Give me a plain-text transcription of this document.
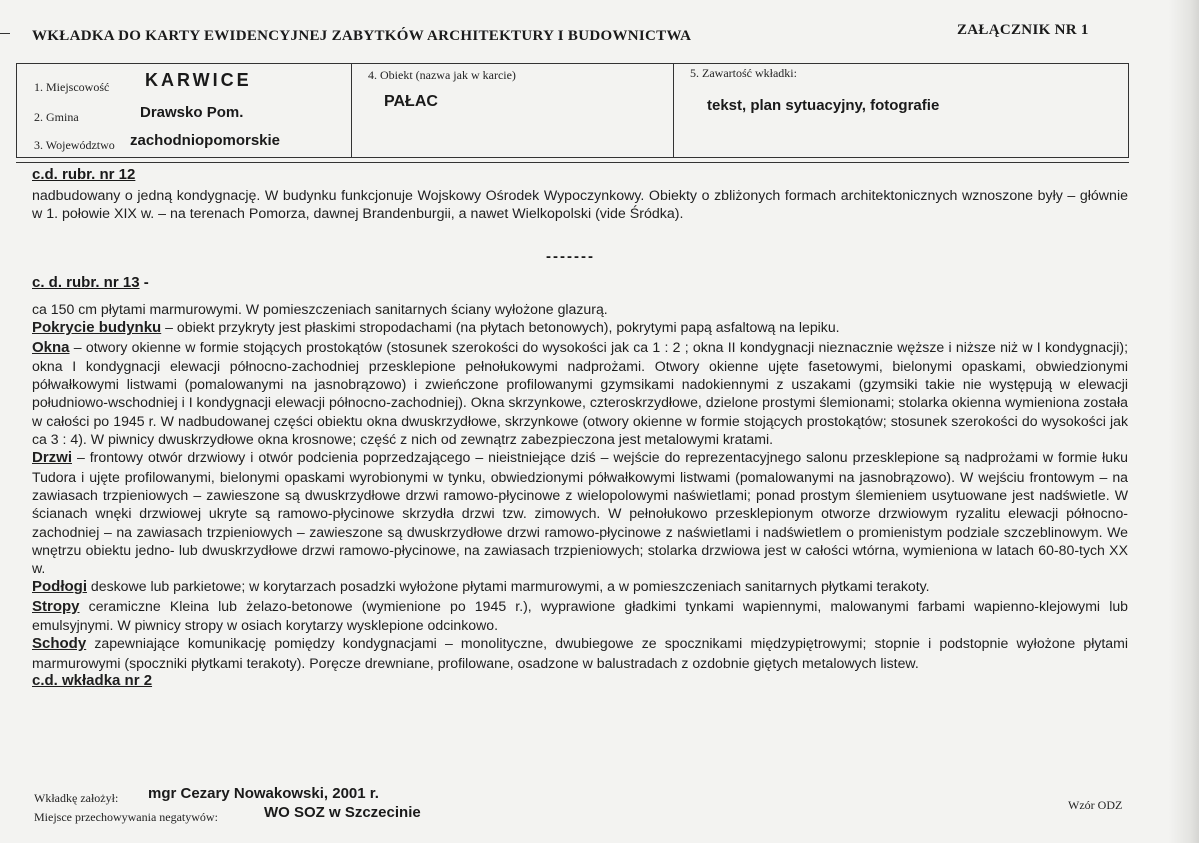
WKŁADKA DO KARTY EWIDENCYJNEJ ZABYTKÓW ARCHITEKTURY I BUDOWNICTWA	ZAŁĄCZNIK NR 1
1. Miejscowość KARWICE
2. Gmina	Drawsko Pom.
3. Województwo zachodniopomorskie
4. Obiekt (nazwa jak w karcie)
PAŁAC
5. Zawartość wkładki:
tekst, plan sytuacyjny, fotografie
c.d. rubr. nr 12
nadbudowany o jedną kondygnację. W budynku funkcjonuje Wojskowy Ośrodek Wypoczynkowy. Obiekty o zbliżonych formach architektonicznych wznoszone były – głównie w 1. połowie XIX w. – na terenach Pomorza, dawnej Brandenburgii, a nawet Wielkopolski (vide Śródka).
-------
c. d. rubr. nr 13 -
ca 150 cm płytami marmurowymi. W pomieszczeniach sanitarnych ściany wyłożone glazurą.
Pokrycie budynku – obiekt przykryty jest płaskimi stropodachami (na płytach betonowych), pokrytymi papą asfaltową na lepiku.
Okna – otwory okienne w formie stojących prostokątów (stosunek szerokości do wysokości jak ca 1 : 2 ; okna II kondygnacji nieznacznie węższe i niższe niż w I kondygnacji); okna I kondygnacji elewacji północno-zachodniej przesklepione pełnołukowymi nadprożami. Otwory okienne ujęte fasetowymi, bielonymi opaskami, obwiedzionymi półwałkowymi listwami (pomalowanymi na jasnobrązowo) i zwieńczone profilowanymi gzymsikami nadokiennymi z uszakami (gzymsiki takie nie występują w elewacji południowo-wschodniej i I kondygnacji elewacji północno-zachodniej). Okna skrzynkowe, czteroskrzydłowe, dzielone prostymi ślemionami; stolarka okienna wymieniona została w całości po 1945 r. W nadbudowanej części obiektu okna dwuskrzydłowe, skrzynkowe (otwory okienne w formie stojących prostokątów; stosunek szerokości do wysokości jak ca 3 : 4). W piwnicy dwuskrzydłowe okna krosnowe; część z nich od zewnątrz zabezpieczona jest metalowymi kratami.
Drzwi – frontowy otwór drzwiowy i otwór podcienia poprzedzającego – nieistniejące dziś – wejście do reprezentacyjnego salonu przesklepione są nadprożami w formie łuku Tudora i ujęte profilowanymi, bielonymi opaskami wyrobionymi w tynku, obwiedzionymi półwałkowymi listwami (pomalowanymi na jasnobrązowo). W wejściu frontowym – na zawiasach trzpieniowych – zawieszone są dwuskrzydłowe drzwi ramowo-płycinowe z wielopolowymi naświetlami; ponad prostym ślemieniem usytuowane jest nadświetle. W ścianach wnęki drzwiowej ukryte są ramowo-płycinowe skrzydła drzwi tzw. zimowych. W pełnołukowo przesklepionym otworze drzwiowym ryzalitu elewacji północno-zachodniej – na zawiasach trzpieniowych – zawieszone są dwuskrzydłowe drzwi ramowo-płycinowe z naświetlami i nadświetlem o promienistym podziale szczeblinowym. We wnętrzu obiektu jedno- lub dwuskrzydłowe drzwi ramowo-płycinowe, na zawiasach trzpieniowych; stolarka drzwiowa jest w całości wtórna, wymieniona w latach 60-80-tych XX w.
Podłogi deskowe lub parkietowe; w korytarzach posadzki wyłożone płytami marmurowymi, a w pomieszczeniach sanitarnych płytkami terakoty.
Stropy ceramiczne Kleina lub żelazo-betonowe (wymienione po 1945 r.), wyprawione gładkimi tynkami wapiennymi, malowanymi farbami wapienno-klejowymi lub emulsyjnymi. W piwnicy stropy w osiach korytarzy wysklepione odcinkowo.
Schody zapewniające komunikację pomiędzy kondygnacjami – monolityczne, dwubiegowe ze spocznikami międzypiętrowymi; stopnie i podstopnie wyłożone płytami marmurowymi (spoczniki płytkami terakoty). Poręcze drewniane, profilowane, osadzone w balustradach z ozdobnie giętych metalowych listew.
c.d. wkładka nr 2
Wkładkę założył: mgr Cezary Nowakowski, 2001 r.
Miejsce przechowywania negatywów:	WO SOZ w Szczecinie	Wzór ODZ
